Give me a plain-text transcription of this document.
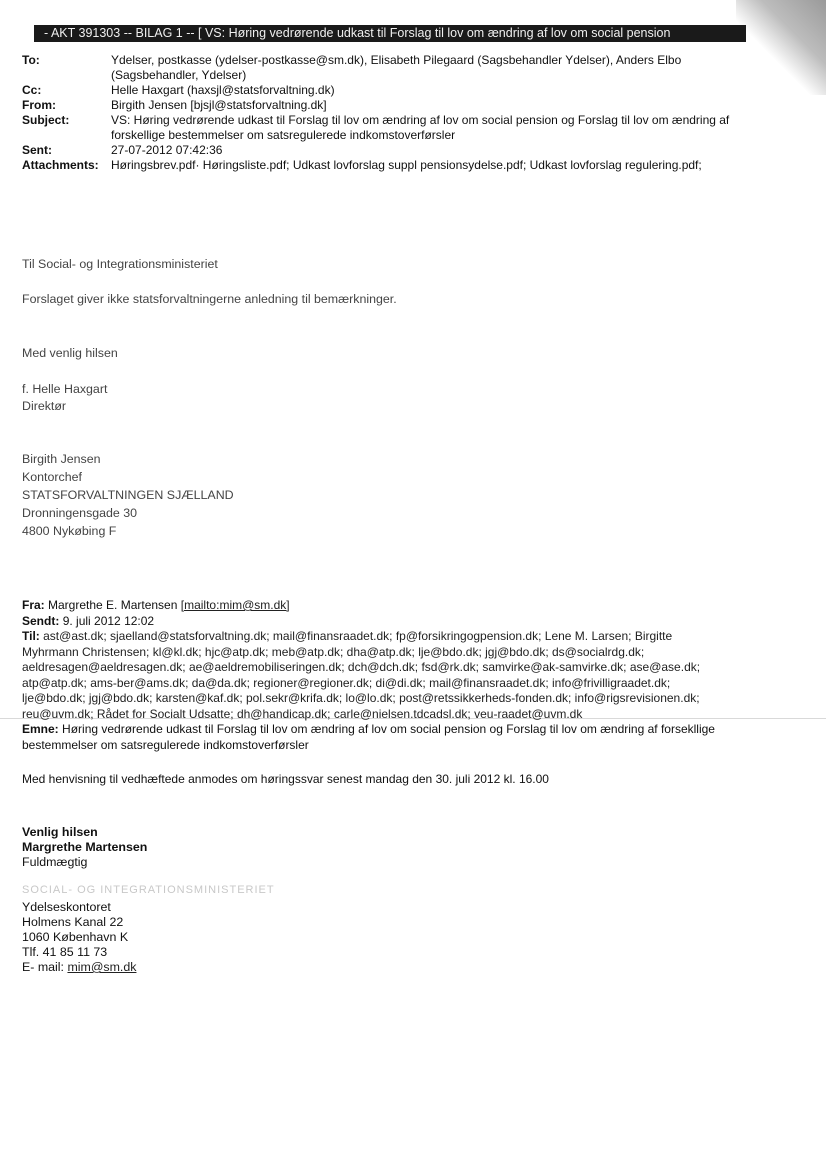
- AKT 391303 -- BILAG 1 -- [ VS: Høring vedrørende udkast til Forslag til lov om ændring af lov om social pension
To:	Ydelser, postkasse (ydelser-postkasse@sm.dk), Elisabeth Pilegaard (Sagsbehandler Ydelser), Anders Elbo (Sagsbehandler, Ydelser)
Cc:	Helle Haxgart (haxsjl@statsforvaltning.dk)
From:	Birgith Jensen [bjsjl@statsforvaltning.dk]
Subject:	VS: Høring vedrørende udkast til Forslag til lov om ændring af lov om social pension og Forslag til lov om ændring af forskellige bestemmelser om satsregulerede indkomstoverførsler
Sent:	27-07-2012 07:42:36
Attachments:	Høringsbrev.pdf· Høringsliste.pdf; Udkast lovforslag suppl pensionsydelse.pdf; Udkast lovforslag regulering.pdf;
Til Social- og Integrationsministeriet
Forslaget giver ikke statsforvaltningerne anledning til bemærkninger.
Med venlig hilsen
f. Helle Haxgart
Direktør
Birgith Jensen
Kontorchef
STATSFORVALTNINGEN SJÆLLAND
Dronningensgade 30
4800 Nykøbing F
Fra: Margrethe E. Martensen [mailto:mim@sm.dk]
Sendt: 9. juli 2012 12:02
Til: ast@ast.dk; sjaelland@statsforvaltning.dk; mail@finansraadet.dk; fp@forsikringogpension.dk; Lene M. Larsen; Birgitte Myhrmann Christensen; kl@kl.dk; hjc@atp.dk; meb@atp.dk; dha@atp.dk; lje@bdo.dk; jgj@bdo.dk; ds@socialrdg.dk; aeldresagen@aeldresagen.dk; ae@aeldremobiliseringen.dk; dch@dch.dk; fsd@rk.dk; samvirke@ak-samvirke.dk; ase@ase.dk; atp@atp.dk; ams-ber@ams.dk; da@da.dk; regioner@regioner.dk; di@di.dk; mail@finansraadet.dk; info@frivilligraadet.dk; lje@bdo.dk; jgj@bdo.dk; karsten@kaf.dk; pol.sekr@krifa.dk; lo@lo.dk; post@retssikkerheds-fonden.dk; info@rigsrevisionen.dk; reu@uvm.dk; Rådet for Socialt Udsatte; dh@handicap.dk; carle@nielsen.tdcadsl.dk; veu-raadet@uvm.dk
Emne: Høring vedrørende udkast til Forslag til lov om ændring af lov om social pension og Forslag til lov om ændring af forsekllige bestemmelser om satsregulerede indkomstoverførsler
Med henvisning til vedhæftede anmodes om høringssvar senest mandag den 30. juli 2012 kl. 16.00
Venlig hilsen
Margrethe Martensen
Fuldmægtig
SOCIAL- OG INTEGRATIONSMINISTERIET
Ydelseskontoret
Holmens Kanal 22
1060 København K
Tlf. 41 85 11 73
E- mail: mim@sm.dk
